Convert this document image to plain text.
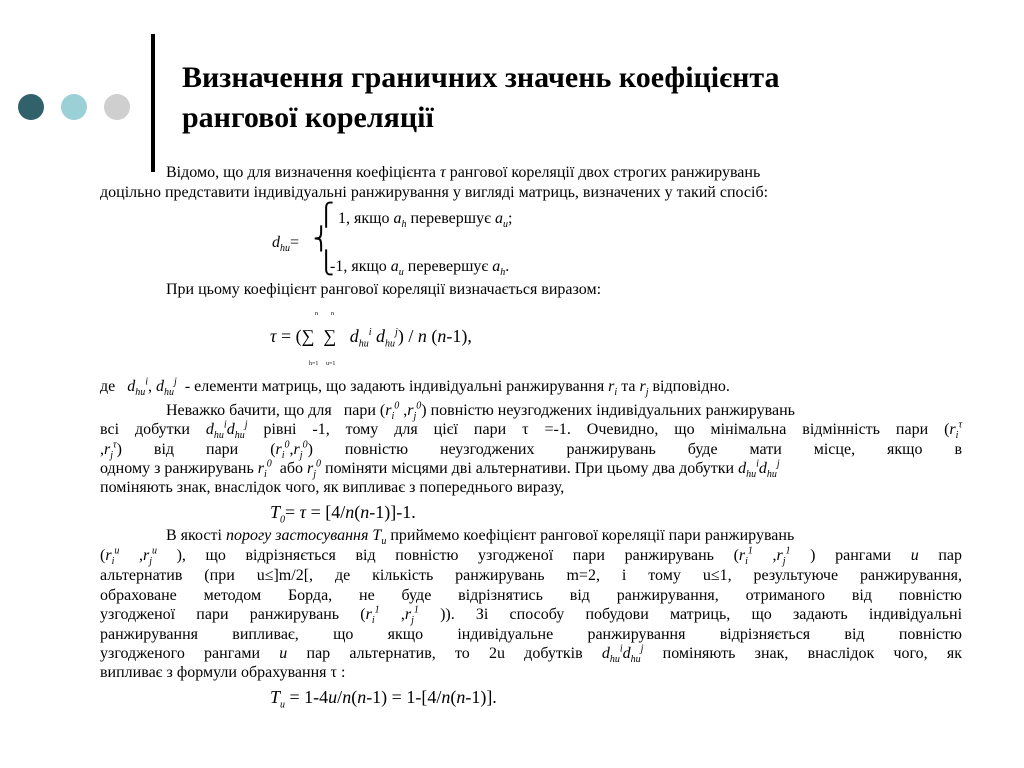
Визначення граничних значень коефіцієнта
рангової кореляції
Відомо, що для визначення коефіцієнта τ рангової кореляції двох строгих ранжирувань
доцільно представити індивідуальні ранжирування у вигляді матриць, визначених у такий спосіб:
⎧
⎨
⎩
1, якщо $a_h$ перевершує $a_u$;
$d_{hu}=$
-1, якщо $a_u$ перевершує $a_h$.
При цьому коефіцієнт рангової кореляції визначається виразом:
n n
τ = (∑  ∑   $d_{hu}^i$ $d_{hu}^j$) / n (n-1),
h=1 u=1
де $d_{hu}^i$, $d_{hu}^j$ - елементи матриць, що задають індивідуальні ранжирування $r_i$ та $r_j$ відповідно.
Неважко бачити, що для пари ($r_i^0$ $,r_j^0$) повністю неузгоджених індивідуальних ранжирувань
всі добутки $d_{hu}^id_{hu}^j$ рівні -1, тому для цієї пари τ =-1. Очевидно, що мінімальна відмінність пари ($r_i^\tau$
$,r_j^\tau$) від пари $(r_i^0,r_j^0)$ повністю неузгоджених ранжирувань буде мати місце, якщо в
одному з ранжирувань $r_i^0$ або $r_j^0$ поміняти місцями дві альтернативи. При цьому два добутки $d_{hu}^id_{hu}^j$
поміняють знак, внаслідок чого, як випливає з попереднього виразу,
$T_0= \tau = [4/n(n-1)]-1$.
В якості порогу застосування $T_u$ приймемо коефіцієнт рангової кореляції пари ранжирувань
($r_i^u$ $,r_j^u$ ), що відрізняється від повністю узгодженої пари ранжирувань ($r_i^1$ $,r_j^1$ ) рангами u пар
альтернатив (при u≤]m/2[, де кількість ранжирувань m=2, і тому u≤1, результуюче ранжирування,
обрахованe методом Борда, не буде відрізнятись від ранжирування, отриманого від повністю
узгодженої пари ранжирувань ($r_i^1$ $,r_j^1$ )). Зі способу побудови матриць, що задають індивідуальні
ранжирування випливає, що якщо індивідуальне ранжирування відрізняється від повністю
узгодженого рангами u пар альтернатив, то 2u добутків $d_{hu}^id_{hu}^j$ поміняють знак, внаслідок чого, як
випливає з формули обрахування τ :
$T_u = 1-4u/n(n-1) = 1-[4/n(n-1)]$.
